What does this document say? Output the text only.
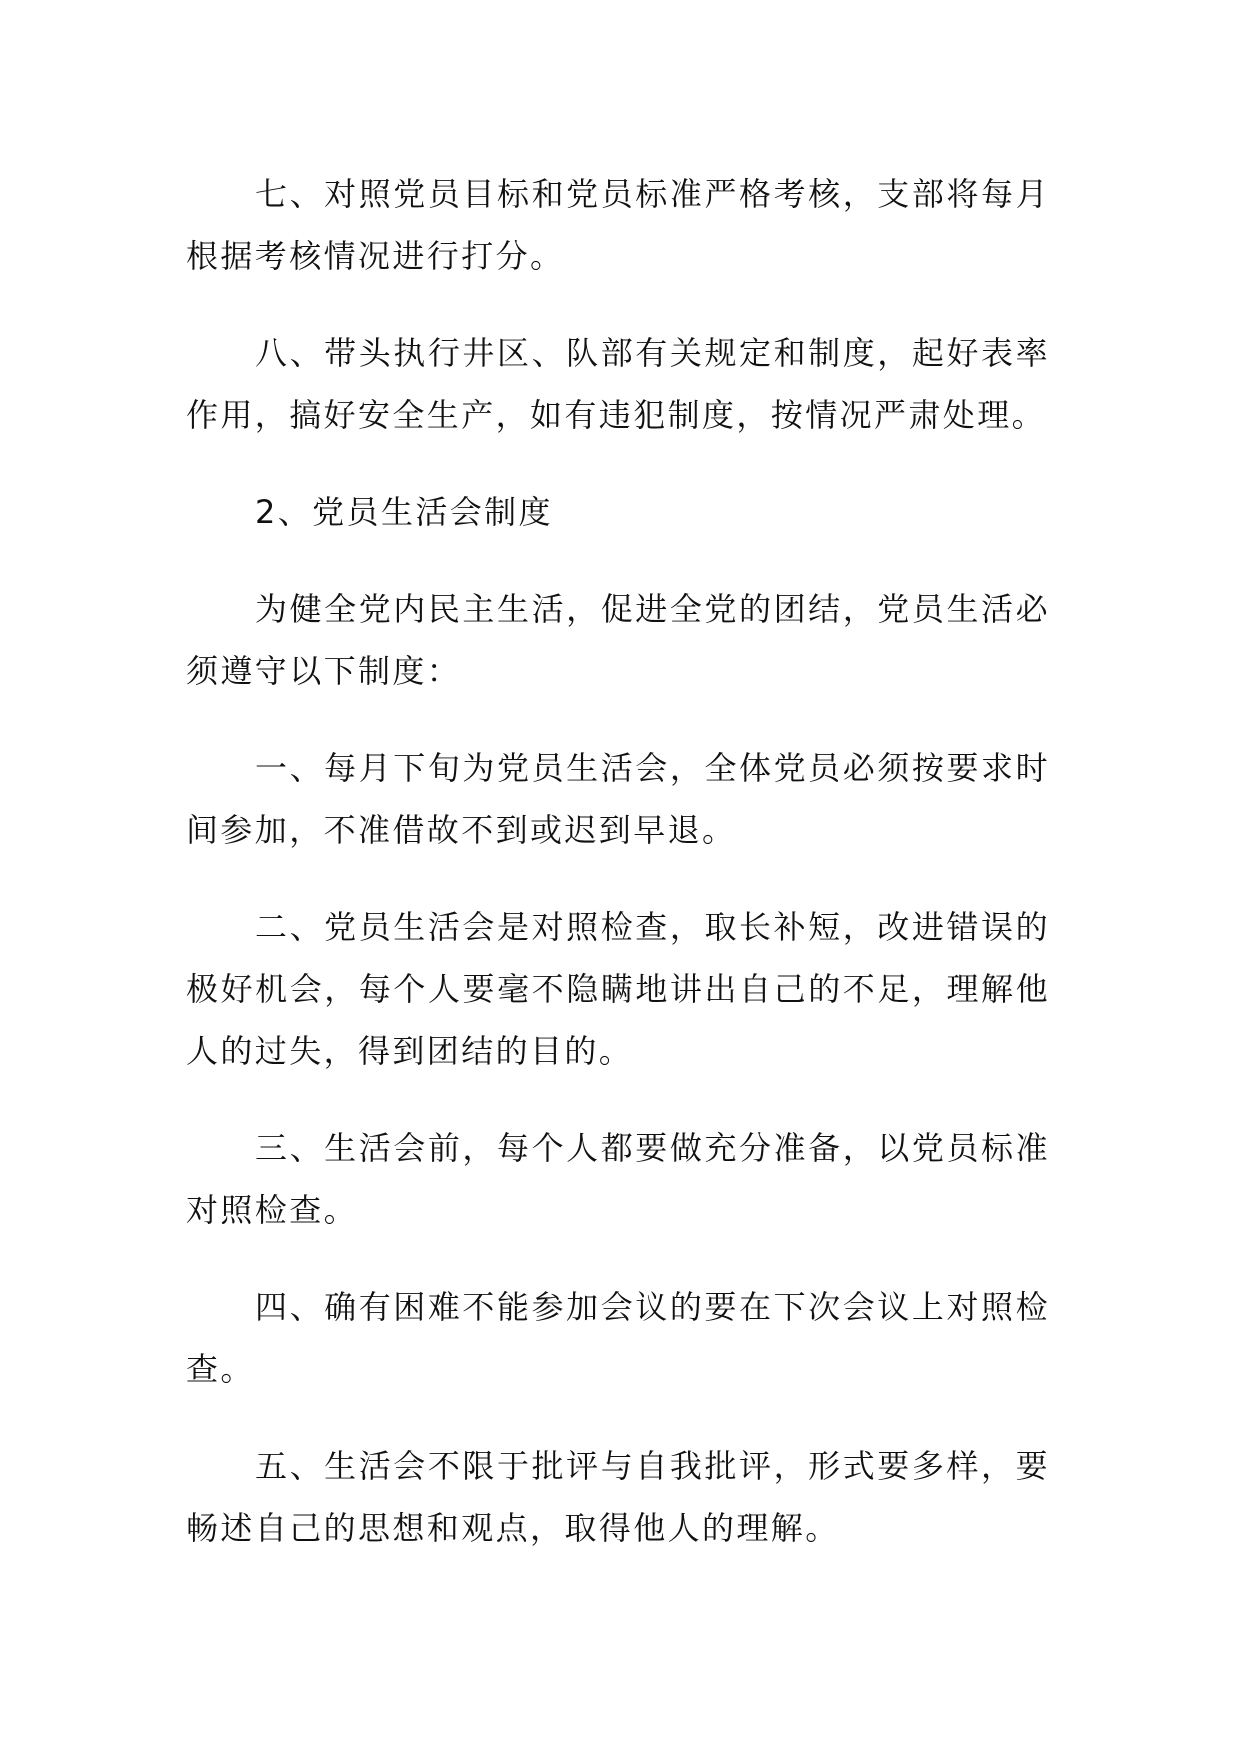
七、对照党员目标和党员标准严格考核，支部将每月
根据考核情况进行打分。
八、带头执行井区、队部有关规定和制度，起好表率
作用，搞好安全生产，如有违犯制度，按情况严肃处理。
2、党员生活会制度
为健全党内民主生活，促进全党的团结，党员生活必
须遵守以下制度：
一、每月下旬为党员生活会，全体党员必须按要求时
间参加，不准借故不到或迟到早退。
二、党员生活会是对照检查，取长补短，改进错误的
极好机会，每个人要毫不隐瞒地讲出自己的不足，理解他
人的过失，得到团结的目的。
三、生活会前，每个人都要做充分准备，以党员标准
对照检查。
四、确有困难不能参加会议的要在下次会议上对照检
查。
五、生活会不限于批评与自我批评，形式要多样，要
畅述自己的思想和观点，取得他人的理解。
